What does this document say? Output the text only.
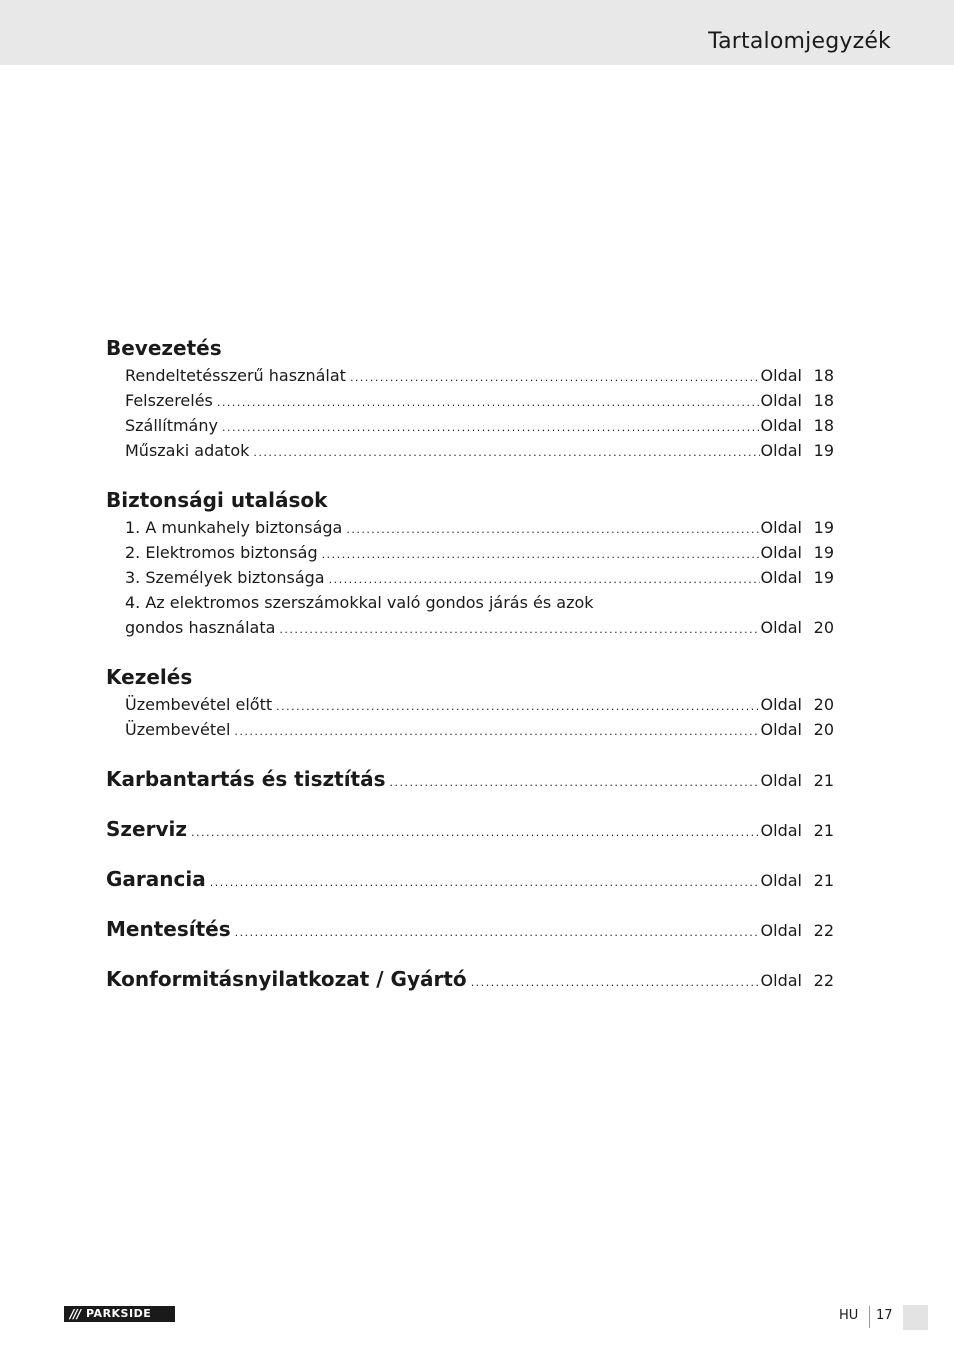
Tartalomjegyzék
Bevezetés
Rendeltetésszerű használat .....	Oldal 18
Felszerelés .....	Oldal 18
Szállítmány .....	Oldal 18
Műszaki adatok .....	Oldal 19
Biztonsági utalások
1. A munkahely biztonsága .....	Oldal 19
2. Elektromos biztonság .....	Oldal 19
3. Személyek biztonsága .....	Oldal 19
4. Az elektromos szerszámokkal való gondos járás és azok
gondos használata .....	Oldal 20
Kezelés
Üzembevétel előtt .....	Oldal 20
Üzembevétel .....	Oldal 20
Karbantartás és tisztítás .....	Oldal 21
Szerviz .....	Oldal 21
Garancia .....	Oldal 21
Mentesítés .....	Oldal 22
Konformitásnyilatkozat / Gyártó .....	Oldal 22
/// PARKSIDE	HU 17
